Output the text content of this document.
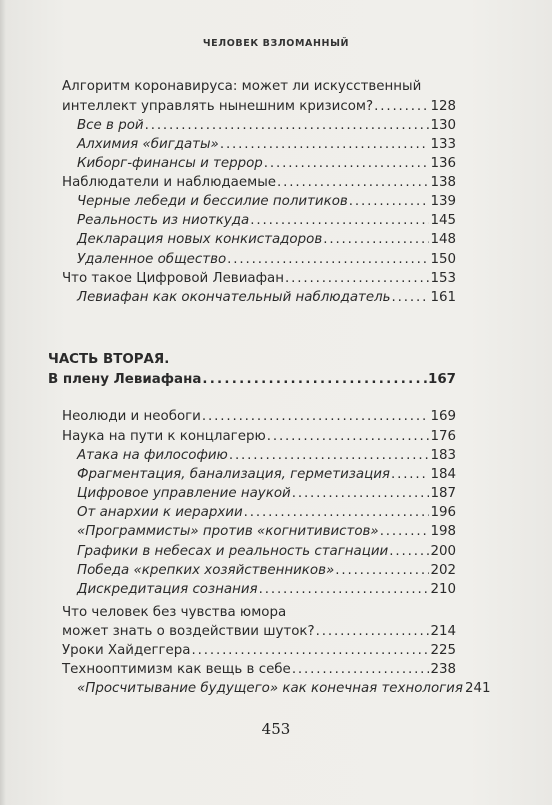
ЧЕЛОВЕК ВЗЛОМАННЫЙ
Алгоритм коронавируса: может ли искусственный
интеллект управлять нынешним кризисом? . . .	128
Все в рой . . .	130
Алхимия «бигдаты» . . .	133
Киборг-финансы и террор . . .	136
Наблюдатели и наблюдаемые . . .	138
Черные лебеди и бессилие политиков . . .	139
Реальность из ниоткуда . . .	145
Декларация новых конкистадоров . . .	148
Удаленное общество . . .	150
Что такое Цифровой Левиафан . . .	153
Левиафан как окончательный наблюдатель . . .	161
ЧАСТЬ ВТОРАЯ.
В плену Левиафана . . .	167
Неолюди и необоги . . .	169
Наука на пути к концлагерю . . .	176
Атака на философию . . .	183
Фрагментация, банализация, герметизация . . .	184
Цифровое управление наукой . . .	187
От анархии к иерархии . . .	196
«Программисты» против «когнитивистов» . . .	198
Графики в небесах и реальность стагнации . . .	200
Победа «крепких хозяйственников» . . .	202
Дискредитация сознания . . .	210
Что человек без чувства юмора
может знать о воздействии шуток? . . .	214
Уроки Хайдеггера . . .	225
Технооптимизм как вещь в себе . . .	238
«Просчитывание будущего» как конечная технология 241
453
